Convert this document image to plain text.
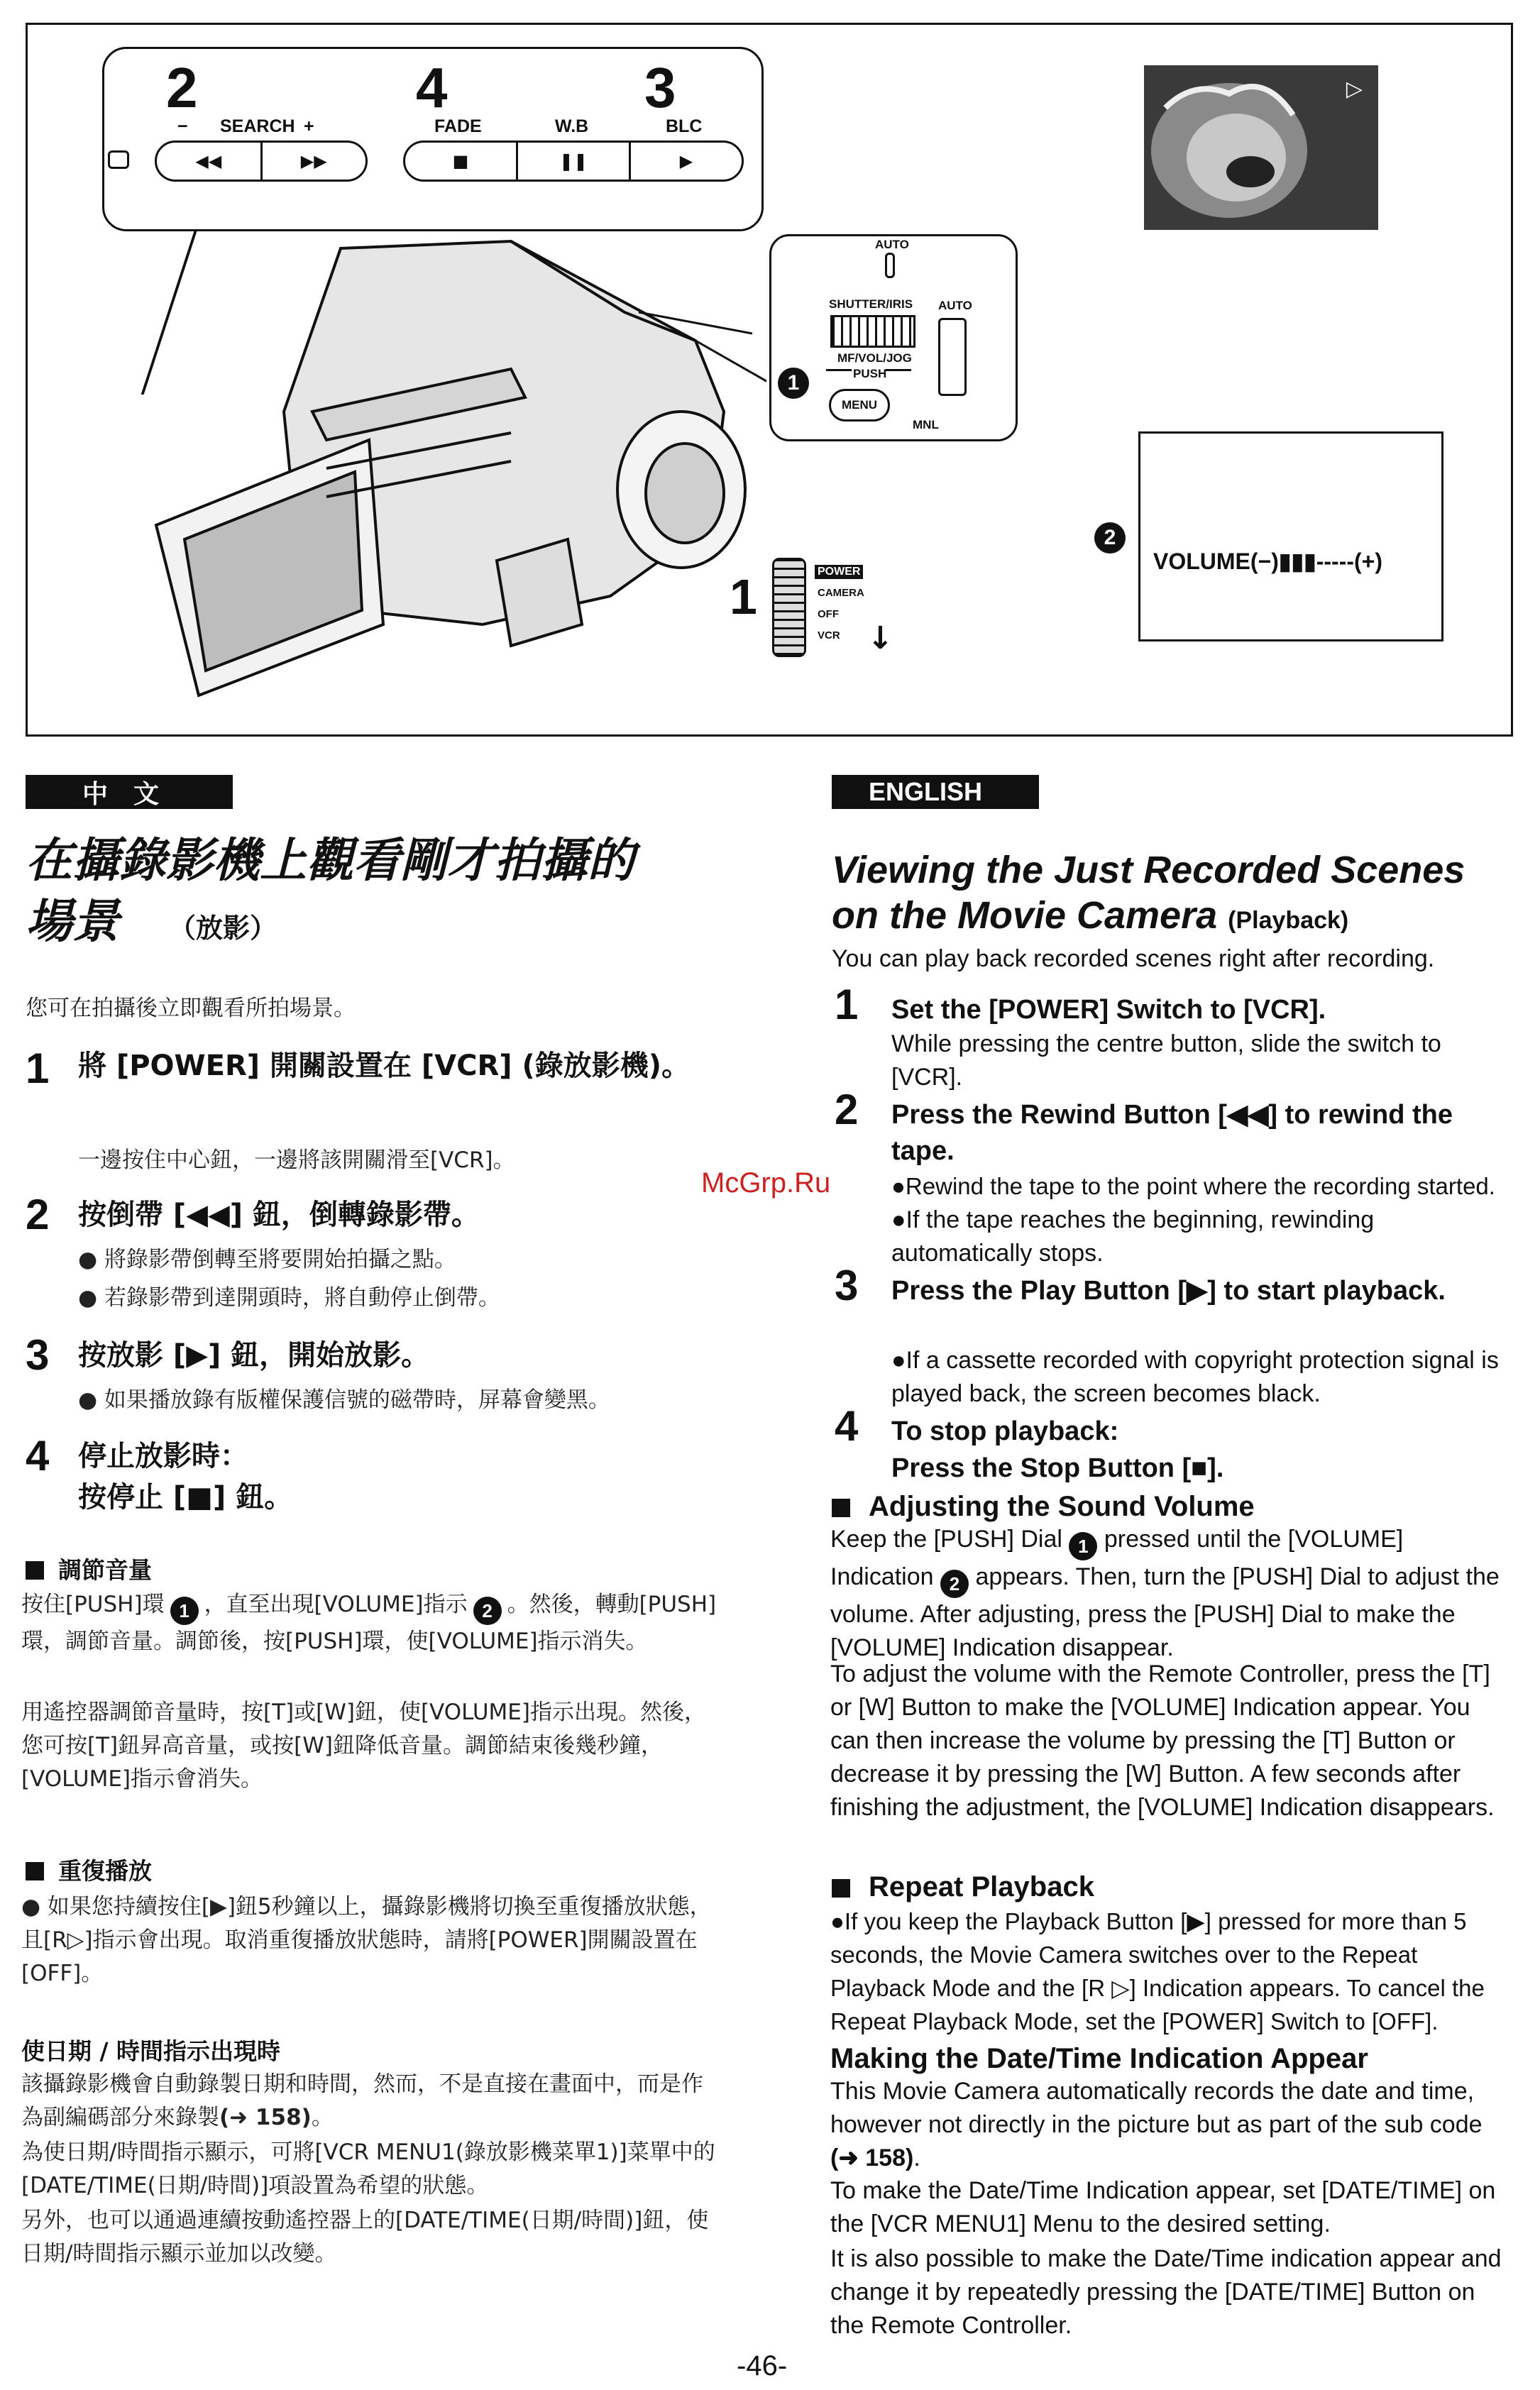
2	4	3
− SEARCH +	FADE	W.B	BLC
◀◀	▶▶	■	❚❚	▶
AUTO
SHUTTER/IRIS AUTO
MF/VOL/JOG
PUSH
1
MENU
MNL
1	POWER
CAMERA
OFF
VCR ↓
▷
2
VOLUME(−)▮▮▮-----(+)
中　文
在攝錄影機上觀看剛才拍攝的
場景 （放影）

您可在拍攝後立即觀看所拍場景。

1 將 [POWER] 開關設置在 [VCR] (錄放影機)。
一邊按住中心鈕，一邊將該開關滑至[VCR]。
2 按倒帶 [◀◀] 鈕，倒轉錄影帶。
● 將錄影帶倒轉至將要開始拍攝之點。
● 若錄影帶到達開頭時，將自動停止倒帶。
3 按放影 [▶] 鈕，開始放影。
● 如果播放錄有版權保護信號的磁帶時，屏幕會變黑。
4 停止放影時：
按停止 [■] 鈕。
調節音量
按住[PUSH]環 1 ，直至出現[VOLUME]指示 2 。然後，轉動[PUSH]環，調節音量。調節後，按[PUSH]環，使[VOLUME]指示消失。
用遙控器調節音量時，按[T]或[W]鈕，使[VOLUME]指示出現。然後，您可按[T]鈕昇高音量，或按[W]鈕降低音量。調節結束後幾秒鐘，[VOLUME]指示會消失。
重復播放
● 如果您持續按住[▶]鈕5秒鐘以上，攝錄影機將切換至重復播放狀態，且[R▷]指示會出現。取消重復播放狀態時，請將[POWER]開關設置在[OFF]。
使日期 / 時間指示出現時
該攝錄影機會自動錄製日期和時間，然而，不是直接在畫面中，而是作為副編碼部分來錄製(➜ 158)。
為使日期/時間指示顯示，可將[VCR MENU1(錄放影機菜單1)]菜單中的[DATE/TIME(日期/時間)]項設置為希望的狀態。
另外，也可以通過連續按動遙控器上的[DATE/TIME(日期/時間)]鈕，使日期/時間指示顯示並加以改變。
ENGLISH
Viewing the Just Recorded Scenes
on the Movie Camera (Playback)

You can play back recorded scenes right after recording.

1 Set the [POWER] Switch to [VCR].
While pressing the centre button, slide the switch to [VCR].
2 Press the Rewind Button [◀◀] to rewind the tape.
●Rewind the tape to the point where the recording started.
●If the tape reaches the beginning, rewinding automatically stops.
3 Press the Play Button [▶] to start playback.
●If a cassette recorded with copyright protection signal is played back, the screen becomes black.
4 To stop playback:
Press the Stop Button [■].
Adjusting the Sound Volume
Keep the [PUSH] Dial 1 pressed until the [VOLUME] Indication 2 appears. Then, turn the [PUSH] Dial to adjust the volume. After adjusting, press the [PUSH] Dial to make the [VOLUME] Indication disappear.
To adjust the volume with the Remote Controller, press the [T] or [W] Button to make the [VOLUME] Indication appear. You can then increase the volume by pressing the [T] Button or decrease it by pressing the [W] Button. A few seconds after finishing the adjustment, the [VOLUME] Indication disappears.
Repeat Playback
●If you keep the Playback Button [▶] pressed for more than 5 seconds, the Movie Camera switches over to the Repeat Playback Mode and the [R ▷] Indication appears. To cancel the Repeat Playback Mode, set the [POWER] Switch to [OFF].
Making the Date/Time Indication Appear
This Movie Camera automatically records the date and time, however not directly in the picture but as part of the sub code (➜ 158).
To make the Date/Time Indication appear, set [DATE/TIME] on the [VCR MENU1] Menu to the desired setting.
It is also possible to make the Date/Time indication appear and change it by repeatedly pressing the [DATE/TIME] Button on the Remote Controller.
McGrp.Ru
-46-
